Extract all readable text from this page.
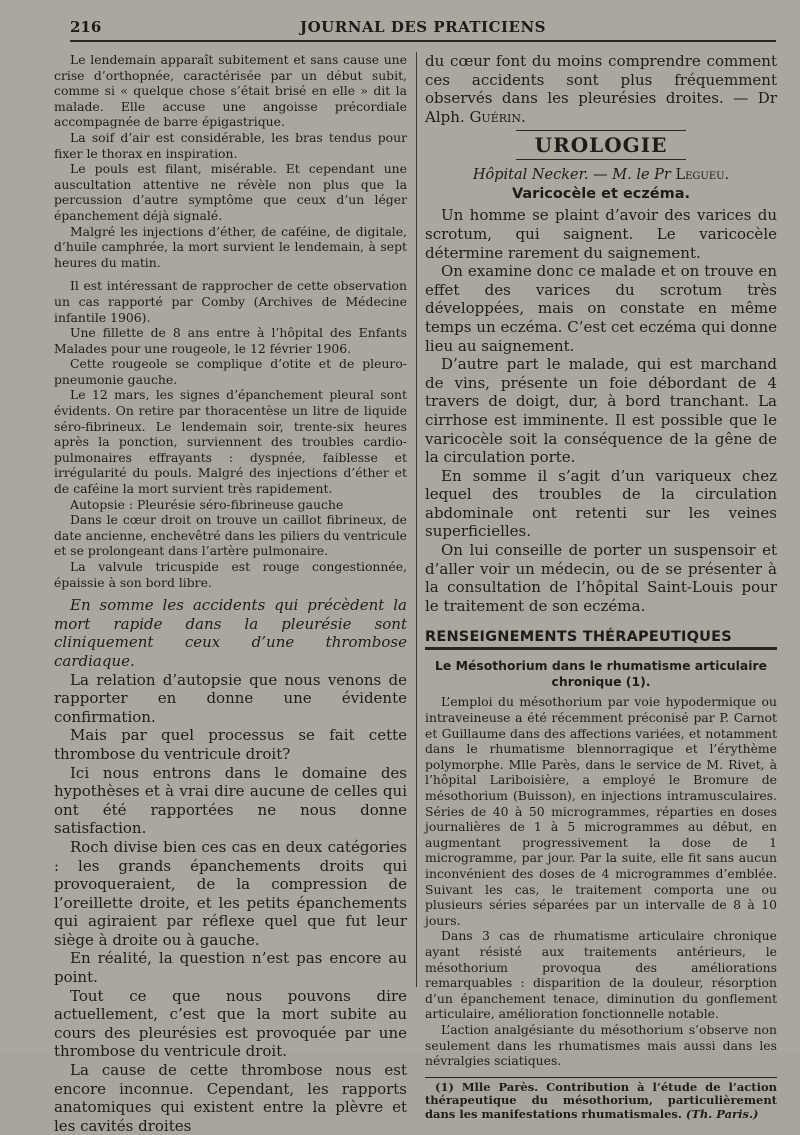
216	JOURNAL DES PRATICIENS

Le lendemain apparaît subitement et sans cause une crise d’orthopnée, caractérisée par un début subit, comme si « quelque chose s’était brisé en elle » dit la malade. Elle accuse une angoisse précordiale accompagnée de barre épigastrique.

La soif d’air est considérable, les bras tendus pour fixer le thorax en inspiration.

Le pouls est filant, misérable. Et cependant une auscultation attentive ne révèle non plus que la percussion d’autre symptôme que ceux d’un léger épanchement déjà signalé.

Malgré les injections d’éther, de caféine, de digitale, d’huile camphrée, la mort survient le lendemain, à sept heures du matin.

Il est intéressant de rapprocher de cette observation un cas rapporté par Comby (Archives de Médecine infantile 1906).

Une fillette de 8 ans entre à l’hôpital des Enfants Malades pour une rougeole, le 12 février 1906.

Cette rougeole se complique d’otite et de pleuro-pneumonie gauche.

Le 12 mars, les signes d’épanchement pleural sont évidents. On retire par thoracentèse un litre de liquide séro-fibrineux. Le lendemain soir, trente-six heures après la ponction, surviennent des troubles cardio-pulmonaires effrayants : dyspnée, faiblesse et irrégularité du pouls. Malgré des injections d’éther et de caféine la mort survient très rapidement.

Autopsie : Pleurésie séro-fibrineuse gauche

Dans le cœur droit on trouve un caillot fibrineux, de date ancienne, enchevêtré dans les piliers du ventricule et se prolongeant dans l’artère pulmonaire.

La valvule tricuspide est rouge congestionnée, épaissie à son bord libre.

En somme les accidents qui précèdent la mort rapide dans la pleurésie sont cliniquement ceux d’une thrombose cardiaque.

La relation d’autopsie que nous venons de rapporter en donne une évidente confirmation.

Mais par quel processus se fait cette thrombose du ventricule droit?

Ici nous entrons dans le domaine des hypothèses et à vrai dire aucune de celles qui ont été rapportées ne nous donne satisfaction.

Roch divise bien ces cas en deux catégories : les grands épanchements droits qui provoqueraient, de la compression de l’oreillette droite, et les petits épanchements qui agiraient par réflexe quel que fut leur siège à droite ou à gauche.

En réalité, la question n’est pas encore au point.

Tout ce que nous pouvons dire actuellement, c’est que la mort subite au cours des pleurésies est provoquée par une thrombose du ventricule droit.

La cause de cette thrombose nous est encore inconnue. Cependant, les rapports anatomiques qui existent entre la plèvre et les cavités droites

du cœur font du moins comprendre comment ces accidents sont plus fréquemment observés dans les pleurésies droites. — Dr Alph. Guérin.

UROLOGIE
Hôpital Necker. — M. le Pr Legueu.
Varicocèle et eczéma.

Un homme se plaint d’avoir des varices du scrotum, qui saignent. Le varicocèle détermine rarement du saignement.

On examine donc ce malade et on trouve en effet des varices du scrotum très développées, mais on constate en même temps un eczéma. C’est cet eczéma qui donne lieu au saignement.

D’autre part le malade, qui est marchand de vins, présente un foie débordant de 4 travers de doigt, dur, à bord tranchant. La cirrhose est imminente. Il est possible que le varicocèle soit la conséquence de la gêne de la circulation porte.

En somme il s’agit d’un variqueux chez lequel des troubles de la circulation abdominale ont retenti sur les veines superficielles.

On lui conseille de porter un suspensoir et d’aller voir un médecin, ou de se présenter à la consultation de l’hôpital Saint-Louis pour le traitement de son eczéma.

RENSEIGNEMENTS THÉRAPEUTIQUES
Le Mésothorium dans le rhumatisme articulaire chronique (1).

L’emploi du mésothorium par voie hypodermique ou intraveineuse a été récemment préconisé par P. Carnot et Guillaume dans des affections variées, et notamment dans le rhumatisme blennorragique et l’érythème polymorphe. Mlle Parès, dans le service de M. Rivet, à l’hôpital Lariboisière, a employé le Bromure de mésothorium (Buisson), en injections intramusculaires. Séries de 40 à 50 microgrammes, réparties en doses journalières de 1 à 5 microgrammes au début, en augmentant progressivement la dose de 1 microgramme, par jour. Par la suite, elle fit sans aucun inconvénient des doses de 4 microgrammes d’emblée. Suivant les cas, le traitement comporta une ou plusieurs séries séparées par un intervalle de 8 à 10 jours.

Dans 3 cas de rhumatisme articulaire chronique ayant résisté aux traitements antérieurs, le mésothorium provoqua des améliorations remarquables : disparition de la douleur, résorption d’un épanchement tenace, diminution du gonflement articulaire, amélioration fonctionnelle notable.

L’action analgésiante du mésothorium s’observe non seulement dans les rhumatismes mais aussi dans les névralgies sciatiques.

(1) Mlle Parès. Contribution à l’étude de l’action thérapeutique du mésothorium, particulièrement dans les manifestations rhumatismales. (Th. Paris.)
